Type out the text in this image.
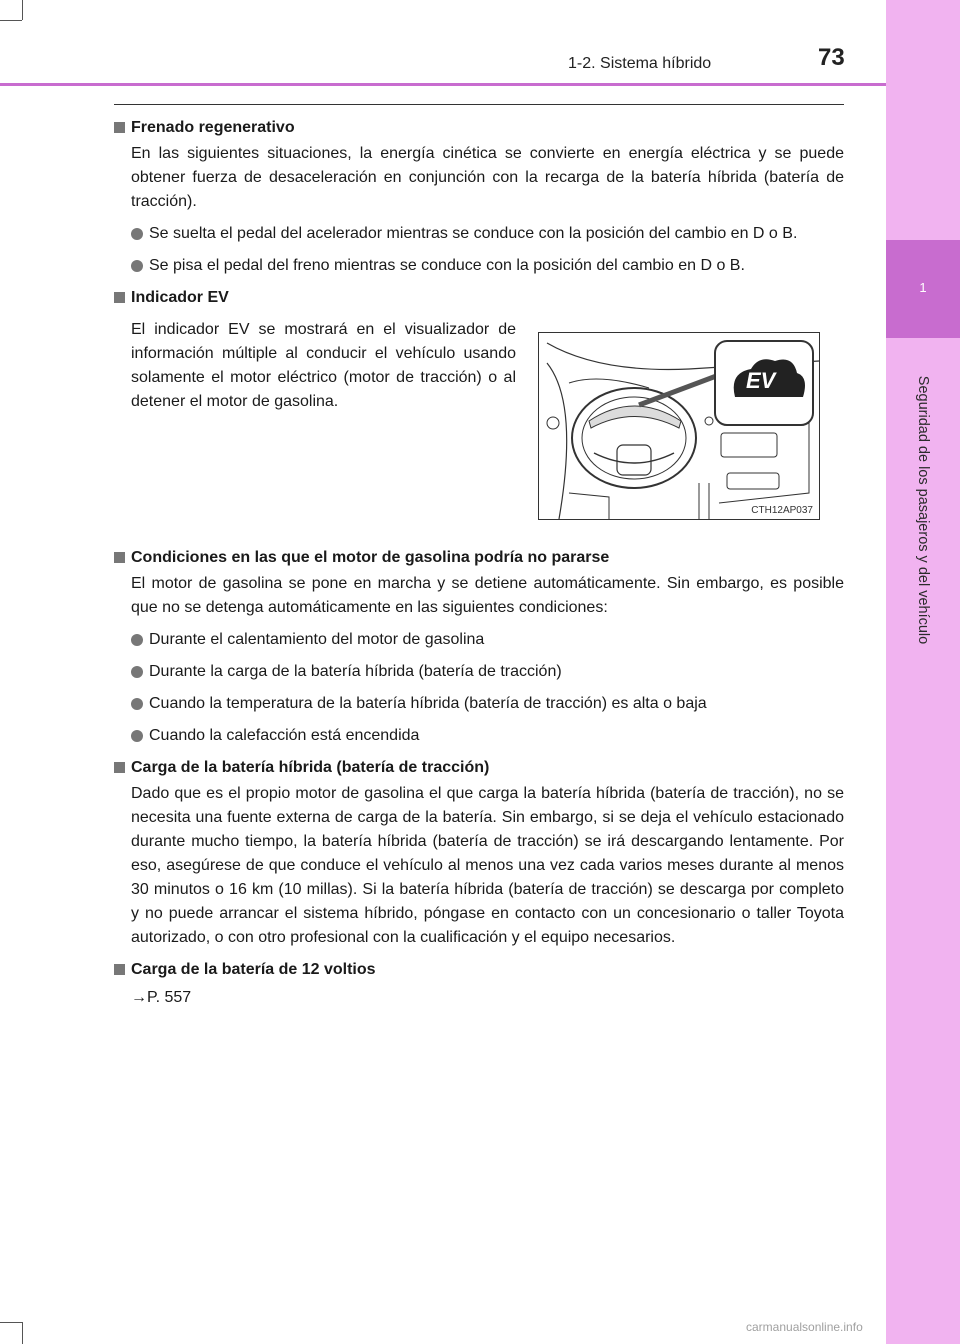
1-2. Sistema híbrido	73
1
Seguridad de los pasajeros y del vehículo

Frenado regenerativo

En las siguientes situaciones, la energía cinética se convierte en energía eléctrica y se puede obtener fuerza de desaceleración en conjunción con la recarga de la batería híbrida (batería de tracción).

Se suelta el pedal del acelerador mientras se conduce con la posición del cambio en D o B.
Se pisa el pedal del freno mientras se conduce con la posición del cambio en D o B.

Indicador EV

El indicador EV se mostrará en el visualizador de información múltiple al conducir el vehículo usando solamente el motor eléctrico (motor de tracción) o al detener el motor de gasolina.
EV
CTH12AP037

Condiciones en las que el motor de gasolina podría no pararse

El motor de gasolina se pone en marcha y se detiene automáticamente. Sin embargo, es posible que no se detenga automáticamente en las siguientes condiciones:

Durante el calentamiento del motor de gasolina
Durante la carga de la batería híbrida (batería de tracción)
Cuando la temperatura de la batería híbrida (batería de tracción) es alta o baja
Cuando la calefacción está encendida

Carga de la batería híbrida (batería de tracción)

Dado que es el propio motor de gasolina el que carga la batería híbrida (batería de tracción), no se necesita una fuente externa de carga de la batería. Sin embargo, si se deja el vehículo estacionado durante mucho tiempo, la batería híbrida (batería de tracción) se irá descargando lentamente. Por eso, asegúrese de que conduce el vehículo al menos una vez cada varios meses durante al menos 30 minutos o 16 km (10 millas). Si la batería híbrida (batería de tracción) se descarga por completo y no puede arrancar el sistema híbrido, póngase en contacto con un concesionario o taller Toyota autorizado, o con otro profesional con la cualificación y el equipo necesarios.

Carga de la batería de 12 voltios

→P. 557

carmanualsonline.info
